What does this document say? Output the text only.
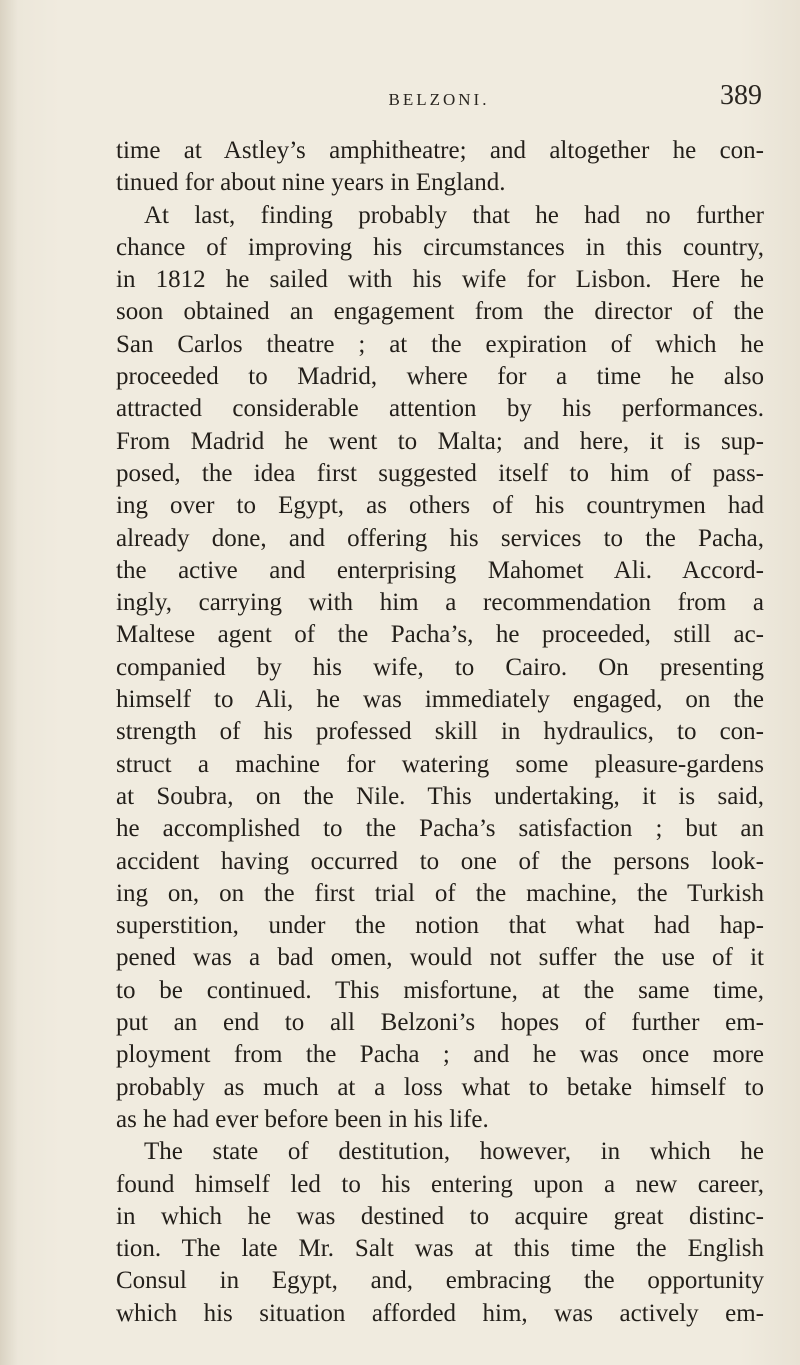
BELZONI.	389
time at Astley’s amphitheatre; and altogether he con-
tinued for about nine years in England.
At last, finding probably that he had no further
chance of improving his circumstances in this country,
in 1812 he sailed with his wife for Lisbon. Here he
soon obtained an engagement from the director of the
San Carlos theatre ; at the expiration of which he
proceeded to Madrid, where for a time he also
attracted considerable attention by his performances.
From Madrid he went to Malta; and here, it is sup-
posed, the idea first suggested itself to him of pass-
ing over to Egypt, as others of his countrymen had
already done, and offering his services to the Pacha,
the active and enterprising Mahomet Ali. Accord-
ingly, carrying with him a recommendation from a
Maltese agent of the Pacha’s, he proceeded, still ac-
companied by his wife, to Cairo. On presenting
himself to Ali, he was immediately engaged, on the
strength of his professed skill in hydraulics, to con-
struct a machine for watering some pleasure-gardens
at Soubra, on the Nile. This undertaking, it is said,
he accomplished to the Pacha’s satisfaction ; but an
accident having occurred to one of the persons look-
ing on, on the first trial of the machine, the Turkish
superstition, under the notion that what had hap-
pened was a bad omen, would not suffer the use of it
to be continued. This misfortune, at the same time,
put an end to all Belzoni’s hopes of further em-
ployment from the Pacha ; and he was once more
probably as much at a loss what to betake himself to
as he had ever before been in his life.
The state of destitution, however, in which he
found himself led to his entering upon a new career,
in which he was destined to acquire great distinc-
tion. The late Mr. Salt was at this time the English
Consul in Egypt, and, embracing the opportunity
which his situation afforded him, was actively em-
